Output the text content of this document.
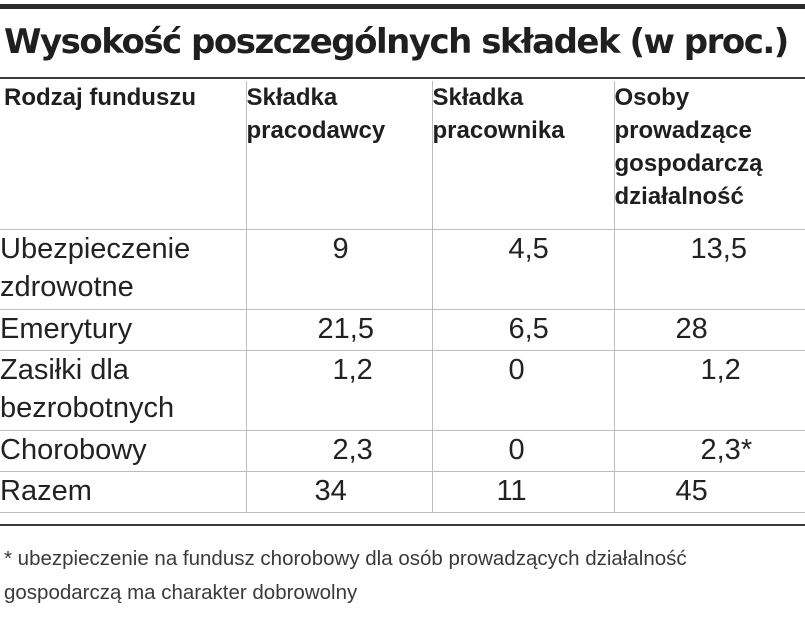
Wysokość poszczególnych składek (w proc.)
Rodzaj funduszu	Składka pracodawcy	Składka pracownika	Osoby prowadzące gospodarczą działalność
Ubezpieczenie zdrowotne	9	4,5	13,5
Emerytury	21,5	6,5	28
Zasiłki dla bezrobotnych	1,2	0	1,2
Chorobowy	2,3	0	2,3*
Razem	34	11	45
* ubezpieczenie na fundusz chorobowy dla osób prowadzących działalność gospodarczą ma charakter dobrowolny
